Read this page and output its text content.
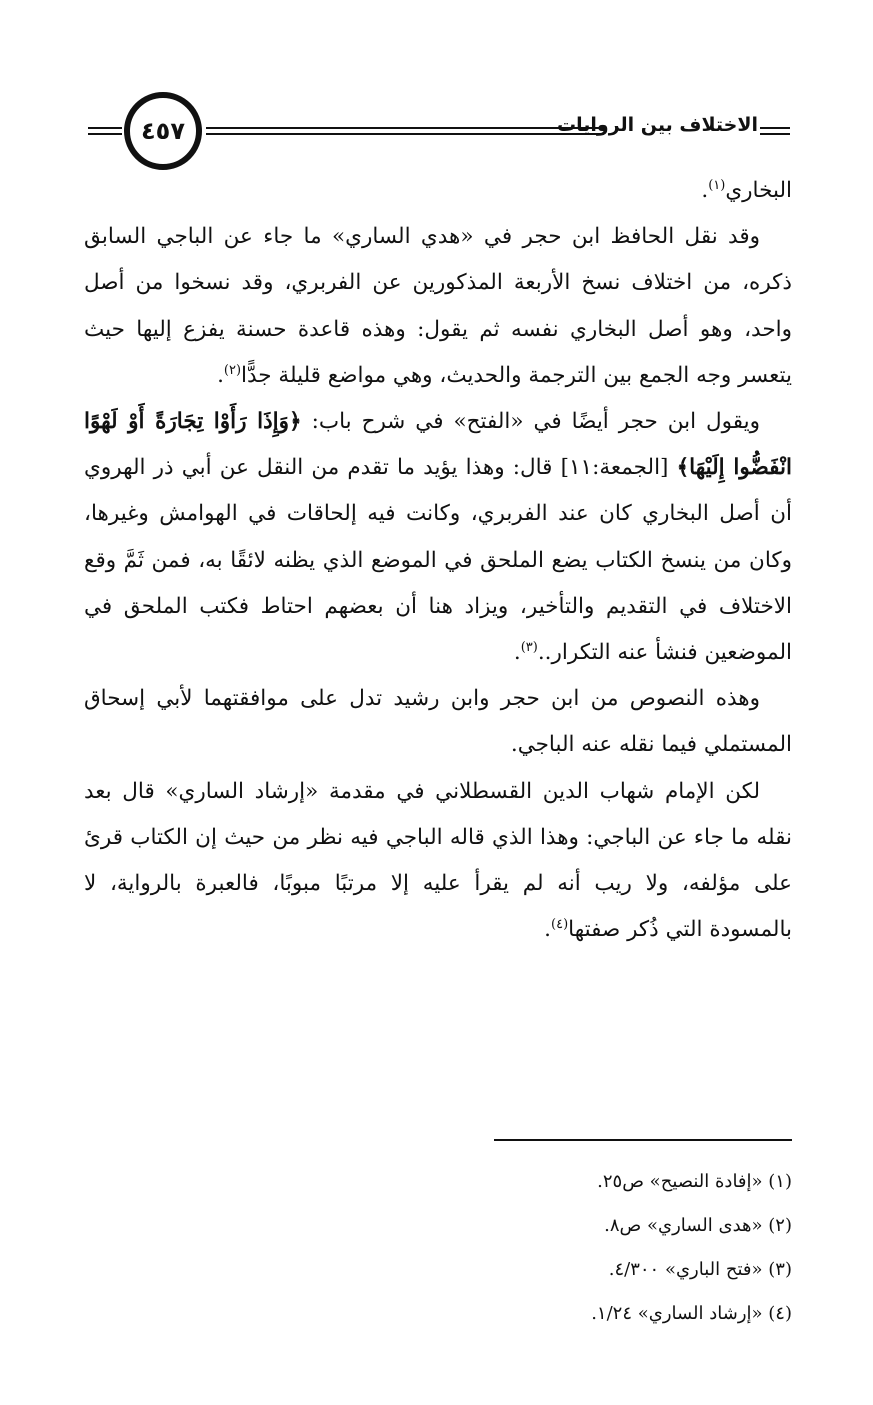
٤٥٧	الاختلاف بين الروايات

البخاري$^{(١)}$.

وقد نقل الحافظ ابن حجر في «هدي الساري» ما جاء عن الباجي السابق ذكره، من اختلاف نسخ الأربعة المذكورين عن الفربري، وقد نسخوا من أصل واحد، وهو أصل البخاري نفسه ثم يقول: وهذه قاعدة حسنة يفزع إليها حيث يتعسر وجه الجمع بين الترجمة والحديث، وهي مواضع قليلة جدًّا$^{(٢)}$.

ويقول ابن حجر أيضًا في «الفتح» في شرح باب: ﴿وَإِذَا رَأَوْا تِجَارَةً أَوْ لَهْوًا انْفَضُّوا إِلَيْهَا﴾ [الجمعة:١١] قال: وهذا يؤيد ما تقدم من النقل عن أبي ذر الهروي أن أصل البخاري كان عند الفربري، وكانت فيه إلحاقات في الهوامش وغيرها، وكان من ينسخ الكتاب يضع الملحق في الموضع الذي يظنه لائقًا به، فمن ثَمَّ وقع الاختلاف في التقديم والتأخير، ويزاد هنا أن بعضهم احتاط فكتب الملحق في الموضعين فنشأ عنه التكرار..$^{(٣)}$.

وهذه النصوص من ابن حجر وابن رشيد تدل على موافقتهما لأبي إسحاق المستملي فيما نقله عنه الباجي.

لكن الإمام شهاب الدين القسطلاني في مقدمة «إرشاد الساري» قال بعد نقله ما جاء عن الباجي: وهذا الذي قاله الباجي فيه نظر من حيث إن الكتاب قرئ على مؤلفه، ولا ريب أنه لم يقرأ عليه إلا مرتبًا مبوبًا، فالعبرة بالرواية، لا بالمسودة التي ذُكر صفتها$^{(٤)}$.

(١) «إفادة النصيح» ص٢٥.
(٢) «هدى الساري» ص٨.
(٣) «فتح الباري» ٤/٣٠٠.
(٤) «إرشاد الساري» ١/٢٤.
